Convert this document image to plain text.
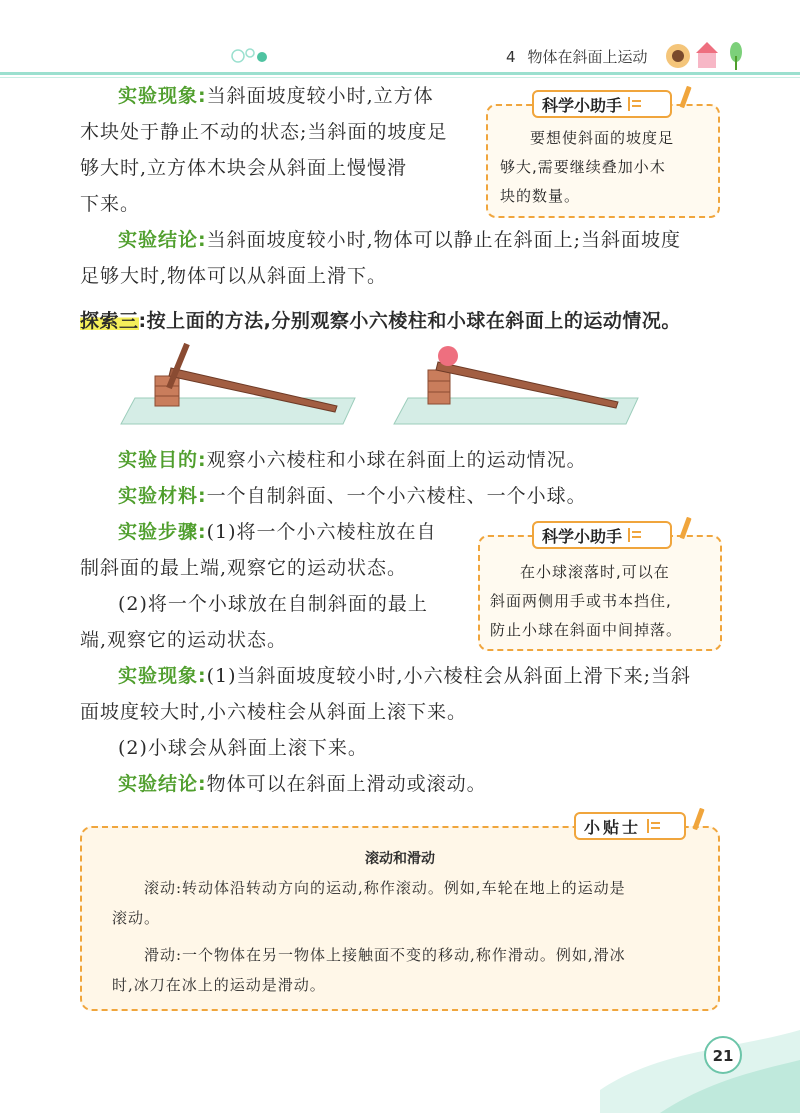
4 物体在斜面上运动
实验现象:当斜面坡度较小时,立方体
木块处于静止不动的状态;当斜面的坡度足
够大时,立方体木块会从斜面上慢慢滑
下来。
实验结论:当斜面坡度较小时,物体可以静止在斜面上;当斜面坡度
足够大时,物体可以从斜面上滑下。
科学小助手
要想使斜面的坡度足
够大,需要继续叠加小木
块的数量。
探索三:按上面的方法,分别观察小六棱柱和小球在斜面上的运动情况。
实验目的:观察小六棱柱和小球在斜面上的运动情况。
实验材料:一个自制斜面、一个小六棱柱、一个小球。
实验步骤:(1)将一个小六棱柱放在自
制斜面的最上端,观察它的运动状态。
(2)将一个小球放在自制斜面的最上
端,观察它的运动状态。
科学小助手
在小球滚落时,可以在
斜面两侧用手或书本挡住,
防止小球在斜面中间掉落。
实验现象:(1)当斜面坡度较小时,小六棱柱会从斜面上滑下来;当斜
面坡度较大时,小六棱柱会从斜面上滚下来。
(2)小球会从斜面上滚下来。
实验结论:物体可以在斜面上滑动或滚动。
小贴士
滚动和滑动
滚动:转动体沿转动方向的运动,称作滚动。例如,车轮在地上的运动是
滚动。
滑动:一个物体在另一物体上接触面不变的移动,称作滑动。例如,滑冰
时,冰刀在冰上的运动是滑动。
21
